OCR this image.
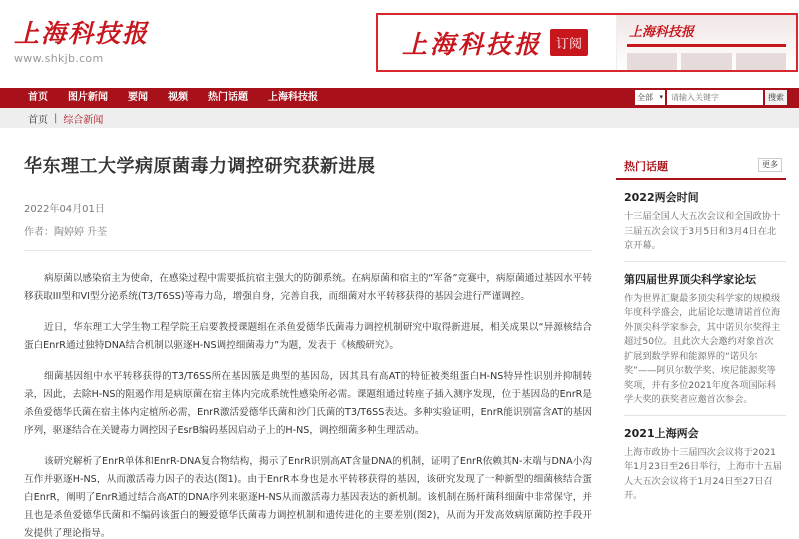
上海科技报
www.shkjb.com	上海科技报	订阅
上海科技报
首页	图片新闻	要闻	视频	热门话题	上海科技报	全部 ▾
请输入关键字	搜索
首页 | 综合新闻
华东理工大学病原菌毒力调控研究获新进展
2022年04月01日
作者：陶婷婷 升荃

病原菌以感染宿主为使命，在感染过程中需要抵抗宿主强大的防御系统。在病原菌和宿主的“军备”竞赛中，病原菌通过基因水平转移获取III型和VI型分泌系统(T3/T6SS)等毒力岛，增强自身，完善自我，而细菌对水平转移获得的基因会进行严谨调控。

近日，华东理工大学生物工程学院王启要教授课题组在杀鱼爱德华氏菌毒力调控机制研究中取得新进展，相关成果以“异源核结合蛋白EnrR通过独特DNA结合机制以驱逐H-NS调控细菌毒力”为题，发表于《核酸研究》。

细菌基因组中水平转移获得的T3/T6SS所在基因簇是典型的基因岛，因其具有高AT的特征被类组蛋白H-NS特异性识别并抑制转录，因此，去除H-NS的阻遏作用是病原菌在宿主体内完成系统性感染所必需。课题组通过转座子插入测序发现，位于基因岛的EnrR是杀鱼爱德华氏菌在宿主体内定植所必需，EnrR激活爱德华氏菌和沙门氏菌的T3/T6SS表达。多种实验证明，EnrR能识别富含AT的基因序列，驱逐结合在关键毒力调控因子EsrB编码基因启动子上的H-NS，调控细菌多种生理活动。

该研究解析了EnrR单体和EnrR-DNA复合物结构，揭示了EnrR识别高AT含量DNA的机制，证明了EnrR依赖其N-末端与DNA小沟互作并驱逐H-NS，从而激活毒力因子的表达(图1)。由于EnrR本身也是水平转移获得的基因，该研究发现了一种新型的细菌核结合蛋白EnrR，阐明了EnrR通过结合高AT的DNA序列来驱逐H-NS从而激活毒力基因表达的新机制。该机制在肠杆菌科细菌中非常保守，并且也是杀鱼爱德华氏菌和不编码该蛋白的鳗爱德华氏菌毒力调控机制和遗传进化的主要差别(图2)，从而为开发高效病原菌防控手段开发提供了理论指导。

热门话题	更多
2022两会时间
十三届全国人大五次会议和全国政协十三届五次会议于3月5日和3月4日在北京开幕。
第四届世界顶尖科学家论坛
作为世界汇聚最多顶尖科学家的规模级年度科学盛会，此届论坛邀请诺首位海外顶尖科学家参会，其中诺贝尔奖得主超过50位。且此次大会邀约对象首次扩展到数学界和能源界的“诺贝尔奖”——阿贝尔数学奖、埃尼能源奖等奖项，并有多位2021年度各项国际科学大奖的获奖者应邀首次参会。
2021上海两会
上海市政协十三届四次会议将于2021年1月23日至26日举行，上海市十五届人大五次会议将于1月24日至27日召开。
